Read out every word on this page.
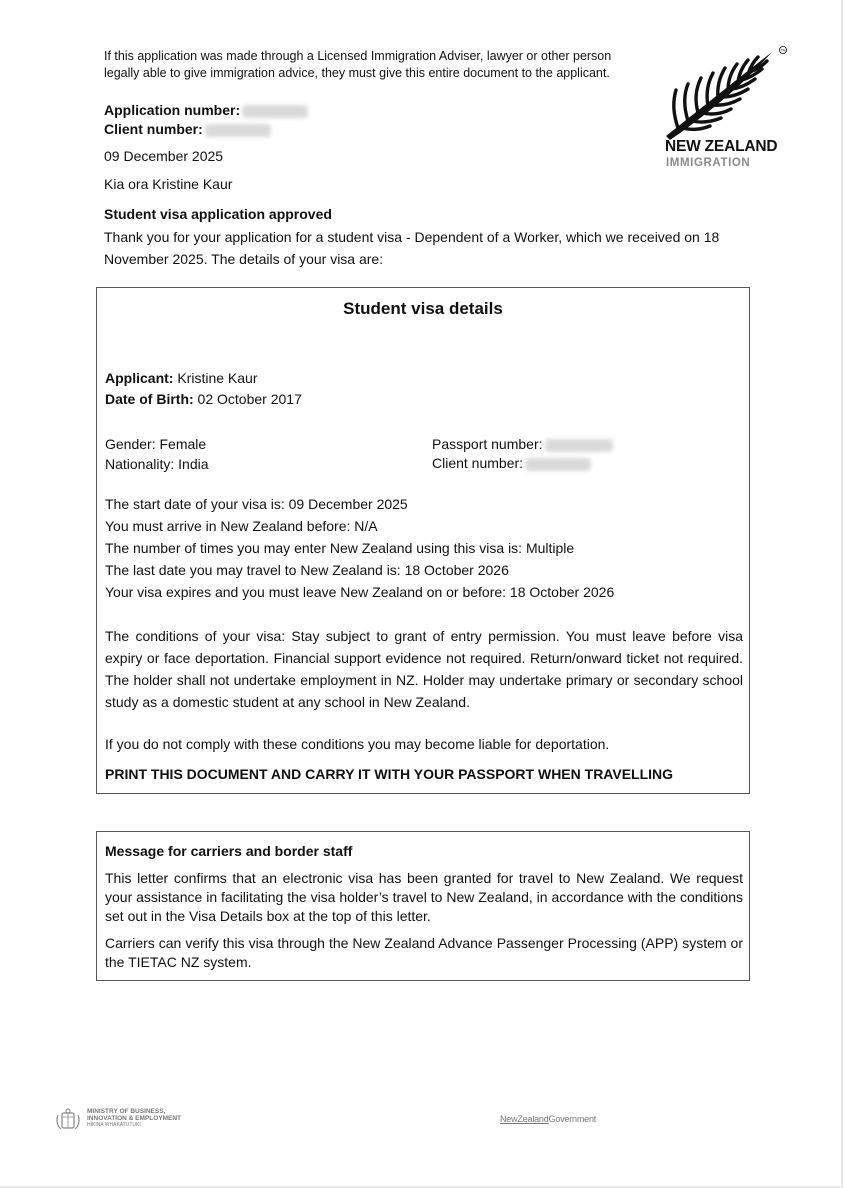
If this application was made through a Licensed Immigration Adviser, lawyer or other person legally able to give immigration advice, they must give this entire document to the applicant.
Application number:
Client number:
09 December 2025
Kia ora Kristine Kaur
TM
NEW ZEALAND
IMMIGRATION
Student visa application approved
Thank you for your application for a student visa - Dependent of a Worker, which we received on 18 November 2025. The details of your visa are:
Student visa details
Applicant: Kristine Kaur
Date of Birth: 02 October 2017
Gender: Female
Nationality: India
Passport number:
Client number:
The start date of your visa is: 09 December 2025
You must arrive in New Zealand before: N/A
The number of times you may enter New Zealand using this visa is: Multiple
The last date you may travel to New Zealand is: 18 October 2026
Your visa expires and you must leave New Zealand on or before: 18 October 2026
The conditions of your visa: Stay subject to grant of entry permission. You must leave before visa expiry or face deportation. Financial support evidence not required. Return/onward ticket not required. The holder shall not undertake employment in NZ. Holder may undertake primary or secondary school study as a domestic student at any school in New Zealand.
If you do not comply with these conditions you may become liable for deportation.
PRINT THIS DOCUMENT AND CARRY IT WITH YOUR PASSPORT WHEN TRAVELLING
Message for carriers and border staff
This letter confirms that an electronic visa has been granted for travel to New Zealand. We request your assistance in facilitating the visa holder’s travel to New Zealand, in accordance with the conditions set out in the Visa Details box at the top of this letter.
Carriers can verify this visa through the New Zealand Advance Passenger Processing (APP) system or the TIETAC NZ system.
MINISTRY OF BUSINESS,
INNOVATION & EMPLOYMENT
HĪKINA WHAKATUTUKI
NewZealandGovernment
